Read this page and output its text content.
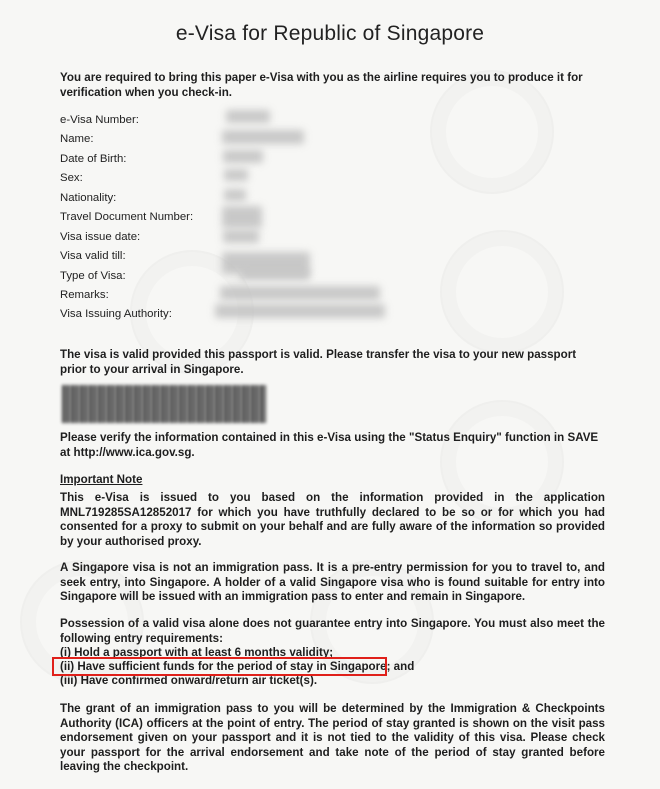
e-Visa for Republic of Singapore
You are required to bring this paper e-Visa with you as the airline requires you to produce it for verification when you check-in.
e-Visa Number:
Name:
Date of Birth:
Sex:
Nationality:
Travel Document Number:
Visa issue date:
Visa valid till:
Type of Visa:
Remarks:
Visa Issuing Authority:
The visa is valid provided this passport is valid. Please transfer the visa to your new passport prior to your arrival in Singapore.
Please verify the information contained in this e-Visa using the "Status Enquiry" function in SAVE at http://www.ica.gov.sg.
Important Note
This e-Visa is issued to you based on the information provided in the application MNL719285SA12852017 for which you have truthfully declared to be so or for which you had consented for a proxy to submit on your behalf and are fully aware of the information so provided by your authorised proxy.
A Singapore visa is not an immigration pass. It is a pre-entry permission for you to travel to, and seek entry, into Singapore. A holder of a valid Singapore visa who is found suitable for entry into Singapore will be issued with an immigration pass to enter and remain in Singapore.
Possession of a valid visa alone does not guarantee entry into Singapore. You must also meet the following entry requirements:
(i) Hold a passport with at least 6 months validity;
(ii) Have sufficient funds for the period of stay in Singapore; and
(iii) Have confirmed onward/return air ticket(s).
The grant of an immigration pass to you will be determined by the Immigration & Checkpoints Authority (ICA) officers at the point of entry. The period of stay granted is shown on the visit pass endorsement given on your passport and it is not tied to the validity of this visa. Please check your passport for the arrival endorsement and take note of the period of stay granted before leaving the checkpoint.
